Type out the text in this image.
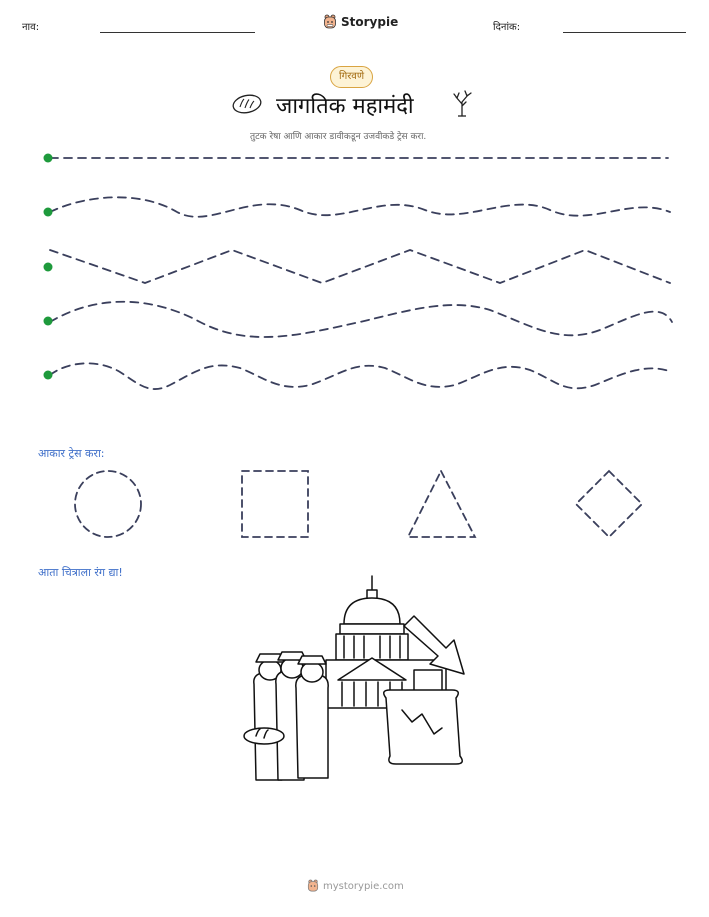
नाव:	Storypie	दिनांक:
गिरवणे
जागतिक महामंदी
तुटक रेषा आणि आकार डावीकडून उजवीकडे ट्रेस करा.
आकार ट्रेस करा:
आता चित्राला रंग द्या!
mystorypie.com
